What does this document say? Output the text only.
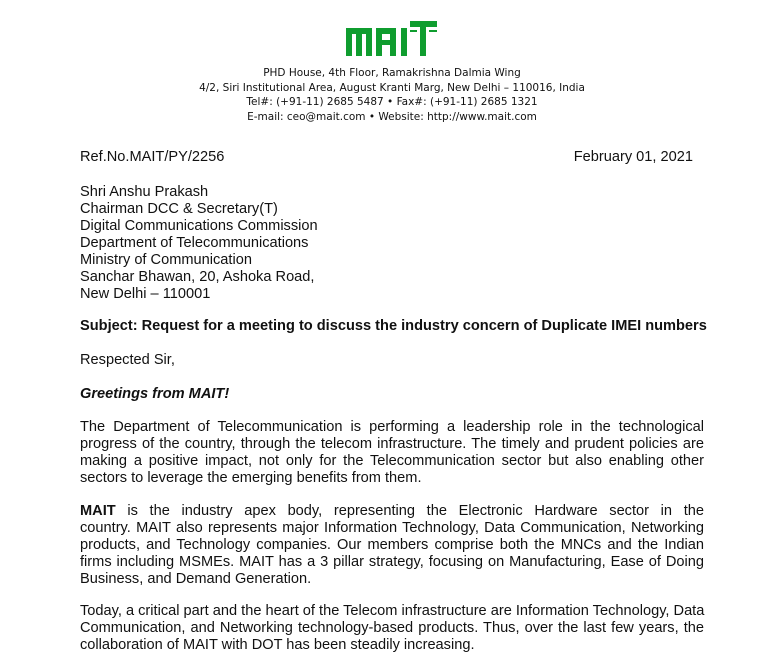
PHD House, 4th Floor, Ramakrishna Dalmia Wing
4/2, Siri Institutional Area, August Kranti Marg, New Delhi – 110016, India
Tel#: (+91-11) 2685 5487 • Fax#: (+91-11) 2685 1321
E-mail: ceo@mait.com • Website: http://www.mait.com
Ref.No.MAIT/PY/2256	February 01, 2021
Shri Anshu Prakash
Chairman DCC & Secretary(T)
Digital Communications Commission
Department of Telecommunications
Ministry of Communication
Sanchar Bhawan, 20, Ashoka Road,
New Delhi – 110001
Subject: Request for a meeting to discuss the industry concern of Duplicate IMEI numbers
Respected Sir,
Greetings from MAIT!
The Department of Telecommunication is performing a leadership role in the technological
progress of the country, through the telecom infrastructure. The timely and prudent policies are
making a positive impact, not only for the Telecommunication sector but also enabling other
sectors to leverage the emerging benefits from them.
MAIT is the industry apex body, representing the Electronic Hardware sector in the
country. MAIT also represents major Information Technology, Data Communication, Networking
products, and Technology companies. Our members comprise both the MNCs and the Indian
firms including MSMEs. MAIT has a 3 pillar strategy, focusing on Manufacturing, Ease of Doing
Business, and Demand Generation.
Today, a critical part and the heart of the Telecom infrastructure are Information Technology, Data
Communication, and Networking technology-based products. Thus, over the last few years, the
collaboration of MAIT with DOT has been steadily increasing.
